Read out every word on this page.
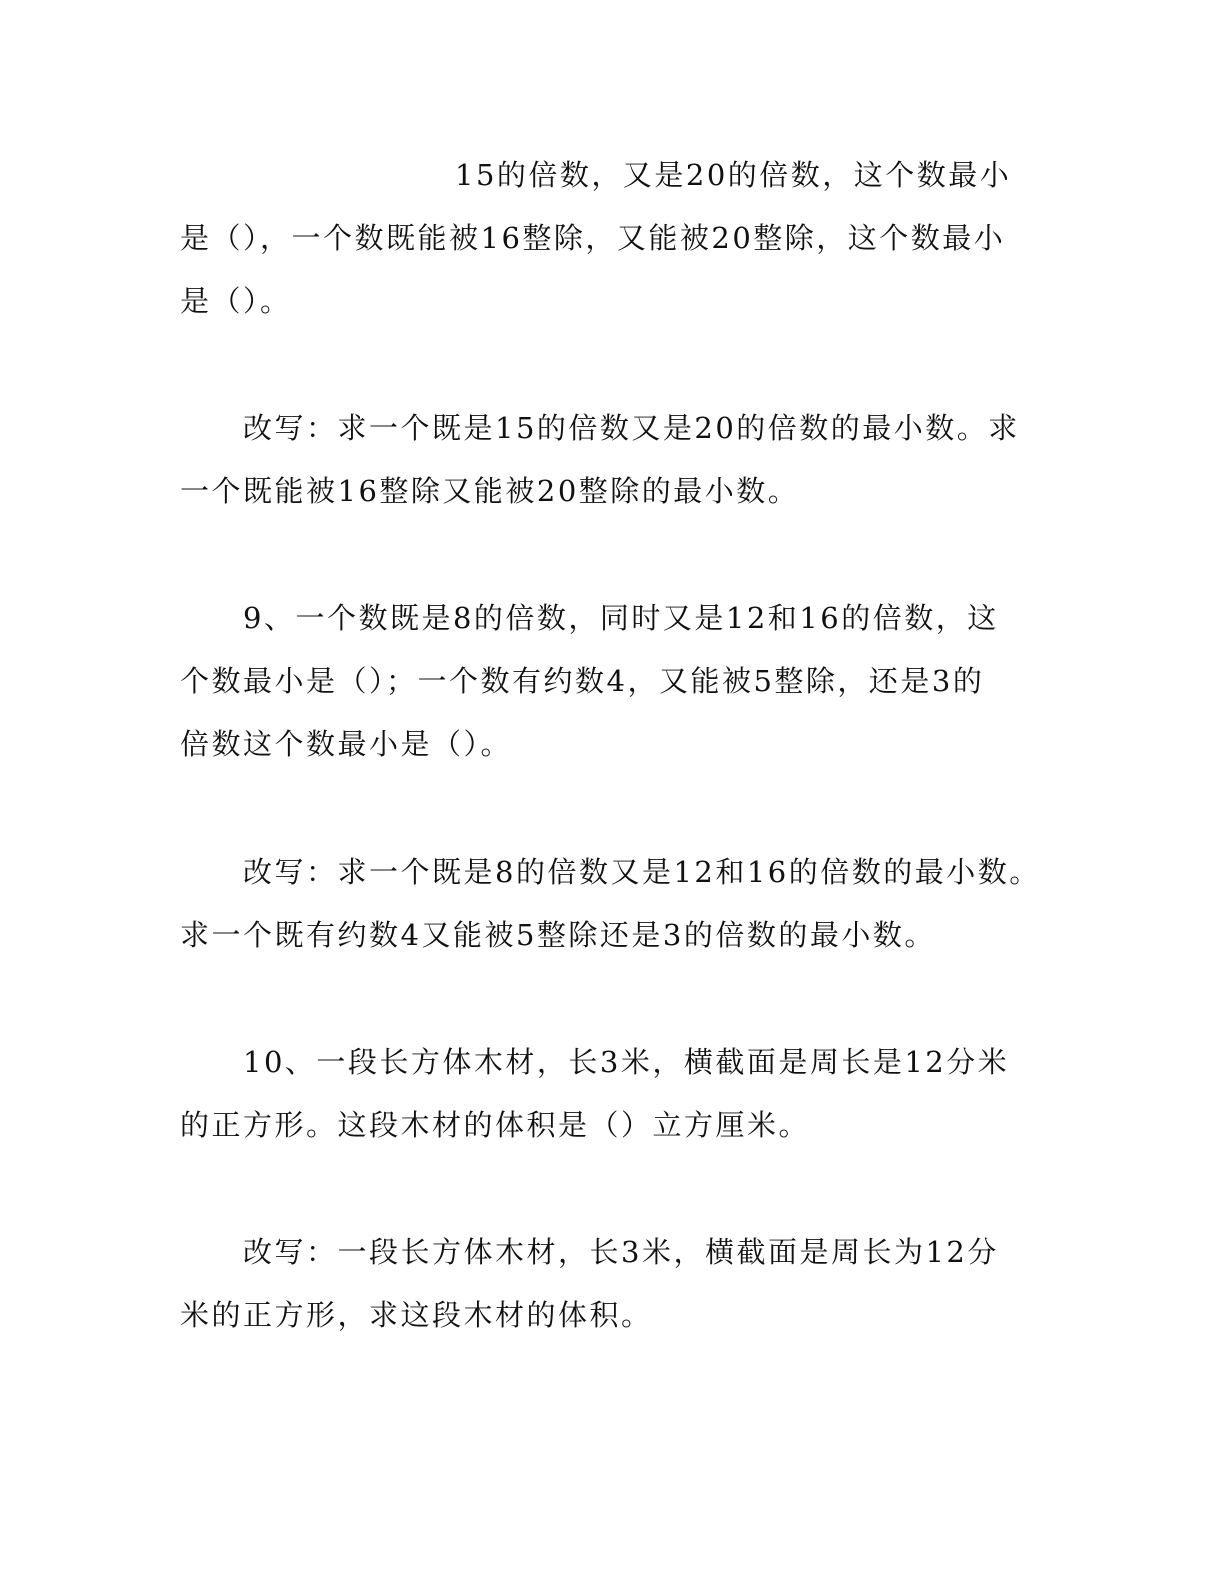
15的倍数，又是20的倍数，这个数最小
是（），一个数既能被16整除，又能被20整除，这个数最小
是（）。
改写：求一个既是15的倍数又是20的倍数的最小数。求
一个既能被16整除又能被20整除的最小数。
9、一个数既是8的倍数，同时又是12和16的倍数，这
个数最小是（）；一个数有约数4，又能被5整除，还是3的
倍数这个数最小是（）。
改写：求一个既是8的倍数又是12和16的倍数的最小数。
求一个既有约数4又能被5整除还是3的倍数的最小数。
10、一段长方体木材，长3米，横截面是周长是12分米
的正方形。这段木材的体积是（）立方厘米。
改写：一段长方体木材，长3米，横截面是周长为12分
米的正方形，求这段木材的体积。
